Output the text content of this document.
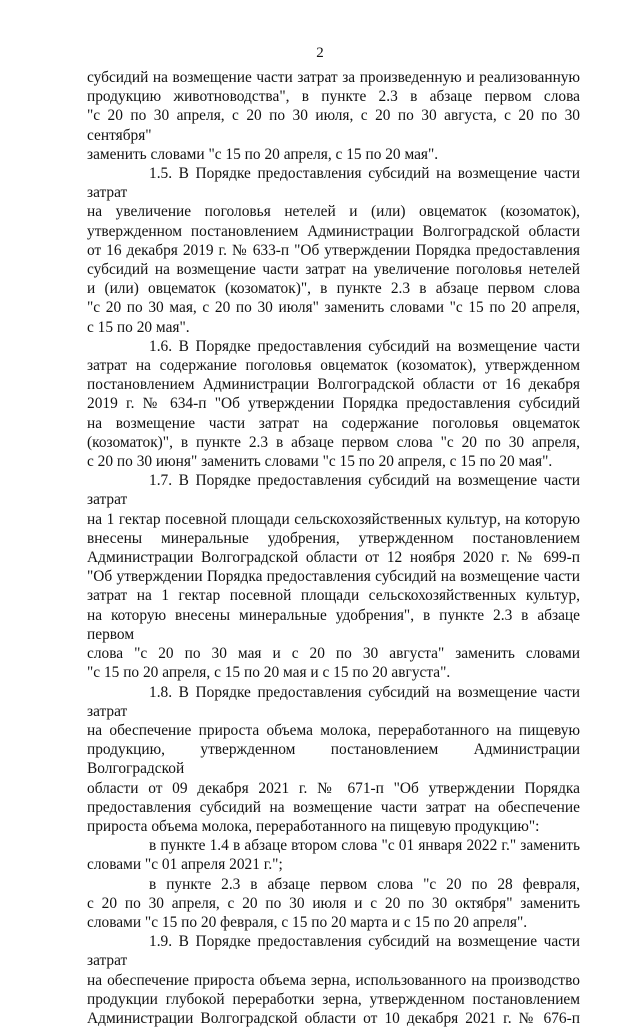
2

субсидий на возмещение части затрат за произведенную и реализованную

продукцию животноводства", в пункте 2.3 в абзаце первом слова

"с 20 по 30 апреля, с 20 по 30 июля, с 20 по 30 августа, с 20 по 30 сентября"

заменить словами "с 15 по 20 апреля, с 15 по 20 мая".

1.5. В Порядке предоставления субсидий на возмещение части затрат

на увеличение поголовья нетелей и (или) овцематок (козоматок),

утвержденном постановлением Администрации Волгоградской области

от 16 декабря 2019 г. № 633-п "Об утверждении Порядка предоставления

субсидий на возмещение части затрат на увеличение поголовья нетелей

и (или) овцематок (козоматок)", в пункте 2.3 в абзаце первом слова

"с 20 по 30 мая, с 20 по 30 июля" заменить словами "с 15 по 20 апреля,

с 15 по 20 мая".

1.6. В Порядке предоставления субсидий на возмещение части

затрат на содержание поголовья овцематок (козоматок), утвержденном

постановлением Администрации Волгоградской области от 16 декабря

2019 г. № 634-п "Об утверждении Порядка предоставления субсидий

на возмещение части затрат на содержание поголовья овцематок

(козоматок)", в пункте 2.3 в абзаце первом слова "с 20 по 30 апреля,

с 20 по 30 июня" заменить словами "с 15 по 20 апреля, с 15 по 20 мая".

1.7. В Порядке предоставления субсидий на возмещение части затрат

на 1 гектар посевной площади сельскохозяйственных культур, на которую

внесены минеральные удобрения, утвержденном постановлением

Администрации Волгоградской области от 12 ноября 2020 г. № 699-п

"Об утверждении Порядка предоставления субсидий на возмещение части

затрат на 1 гектар посевной площади сельскохозяйственных культур,

на которую внесены минеральные удобрения", в пункте 2.3 в абзаце первом

слова "с 20 по 30 мая и с 20 по 30 августа" заменить словами

"с 15 по 20 апреля, с 15 по 20 мая и с 15 по 20 августа".

1.8. В Порядке предоставления субсидий на возмещение части затрат

на обеспечение прироста объема молока, переработанного на пищевую

продукцию, утвержденном постановлением Администрации Волгоградской

области от 09 декабря 2021 г. № 671-п "Об утверждении Порядка

предоставления субсидий на возмещение части затрат на обеспечение

прироста объема молока, переработанного на пищевую продукцию":

в пункте 1.4 в абзаце втором слова "с 01 января 2022 г." заменить

словами "с 01 апреля 2021 г.";

в пункте 2.3 в абзаце первом слова "с 20 по 28 февраля,

с 20 по 30 апреля, с 20 по 30 июля и с 20 по 30 октября" заменить

словами "с 15 по 20 февраля, с 15 по 20 марта и с 15 по 20 апреля".

1.9. В Порядке предоставления субсидий на возмещение части затрат

на обеспечение прироста объема зерна, использованного на производство

продукции глубокой переработки зерна, утвержденном постановлением

Администрации Волгоградской области от 10 декабря 2021 г. № 676-п
